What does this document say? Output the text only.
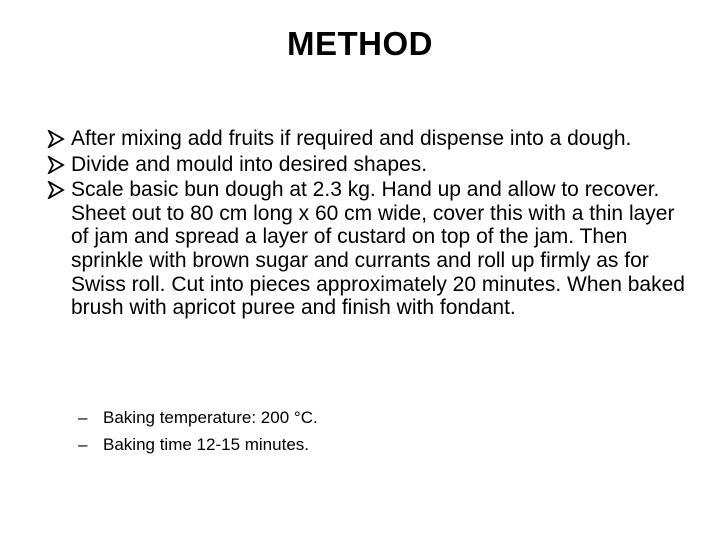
METHOD
After mixing add fruits if required and dispense into a dough.
Divide and mould into desired shapes.
Scale basic bun dough at 2.3 kg. Hand up and allow to recover. Sheet out to 80 cm long x 60 cm wide, cover this with a thin layer of jam and spread a layer of custard on top of the jam. Then sprinkle with brown sugar and currants and roll up firmly as for Swiss roll. Cut into pieces approximately 20 minutes. When baked brush with apricot puree and finish with fondant.
– Baking temperature: 200 °C.
– Baking time 12-15 minutes.
